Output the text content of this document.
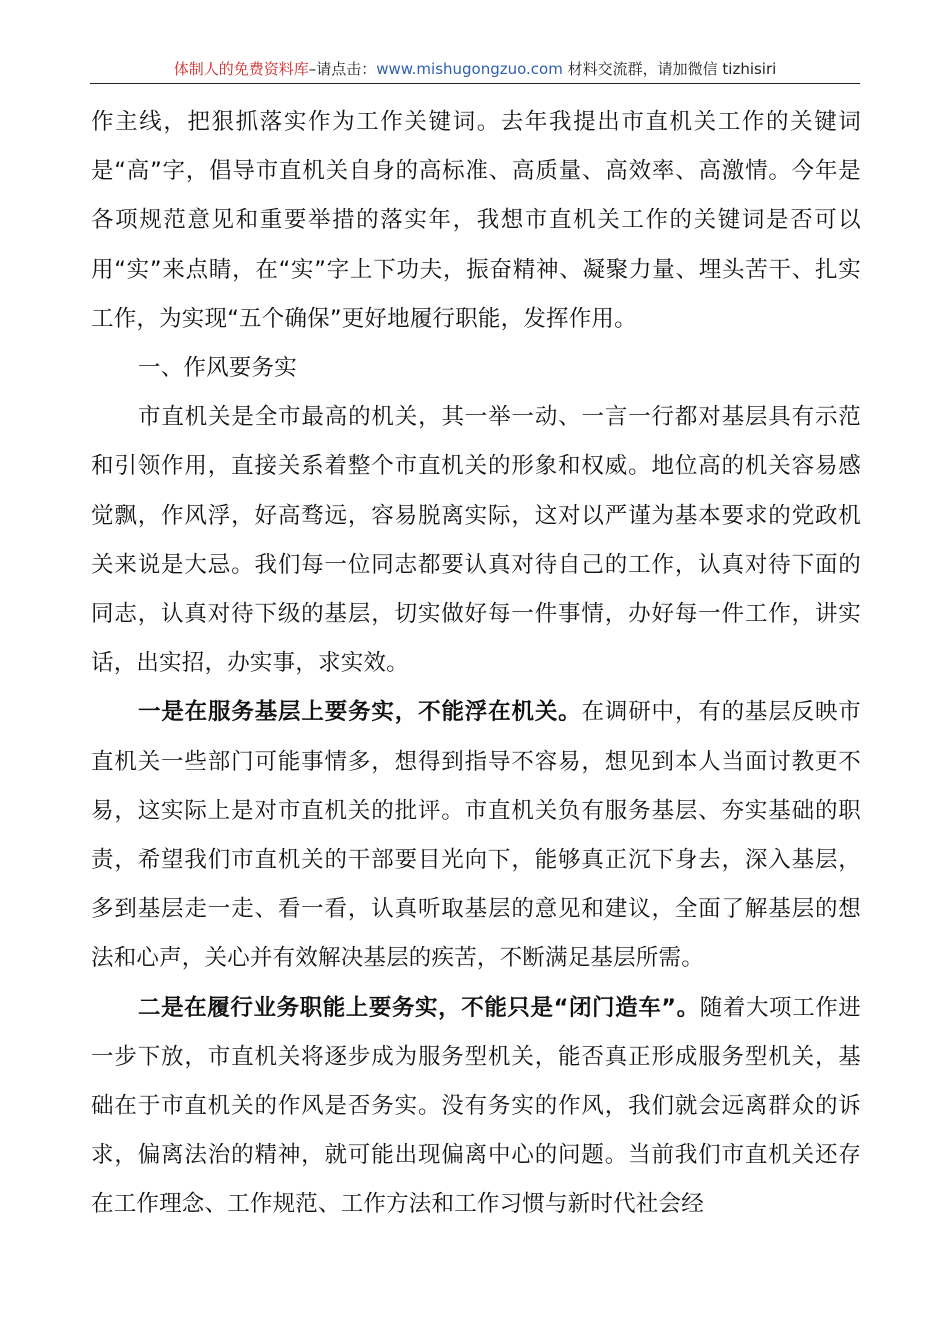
体制人的免费资料库–请点击：www.mishugongzuo.com 材料交流群，请加微信 tizhisiri

作主线，把狠抓落实作为工作关键词。去年我提出市直机关工作的关键词是“高”字，倡导市直机关自身的高标准、高质量、高效率、高激情。今年是各项规范意见和重要举措的落实年，我想市直机关工作的关键词是否可以用“实”来点睛，在“实”字上下功夫，振奋精神、凝聚力量、埋头苦干、扎实工作，为实现“五个确保”更好地履行职能，发挥作用。

一、作风要务实

市直机关是全市最高的机关，其一举一动、一言一行都对基层具有示范和引领作用，直接关系着整个市直机关的形象和权威。地位高的机关容易感觉飘，作风浮，好高骛远，容易脱离实际，这对以严谨为基本要求的党政机关来说是大忌。我们每一位同志都要认真对待自己的工作，认真对待下面的同志，认真对待下级的基层，切实做好每一件事情，办好每一件工作，讲实话，出实招，办实事，求实效。

一是在服务基层上要务实，不能浮在机关。在调研中，有的基层反映市直机关一些部门可能事情多，想得到指导不容易，想见到本人当面讨教更不易，这实际上是对市直机关的批评。市直机关负有服务基层、夯实基础的职责，希望我们市直机关的干部要目光向下，能够真正沉下身去，深入基层，多到基层走一走、看一看，认真听取基层的意见和建议，全面了解基层的想法和心声，关心并有效解决基层的疾苦，不断满足基层所需。

二是在履行业务职能上要务实，不能只是“闭门造车”。随着大项工作进一步下放，市直机关将逐步成为服务型机关，能否真正形成服务型机关，基础在于市直机关的作风是否务实。没有务实的作风，我们就会远离群众的诉求，偏离法治的精神，就可能出现偏离中心的问题。当前我们市直机关还存在工作理念、工作规范、工作方法和工作习惯与新时代社会经
